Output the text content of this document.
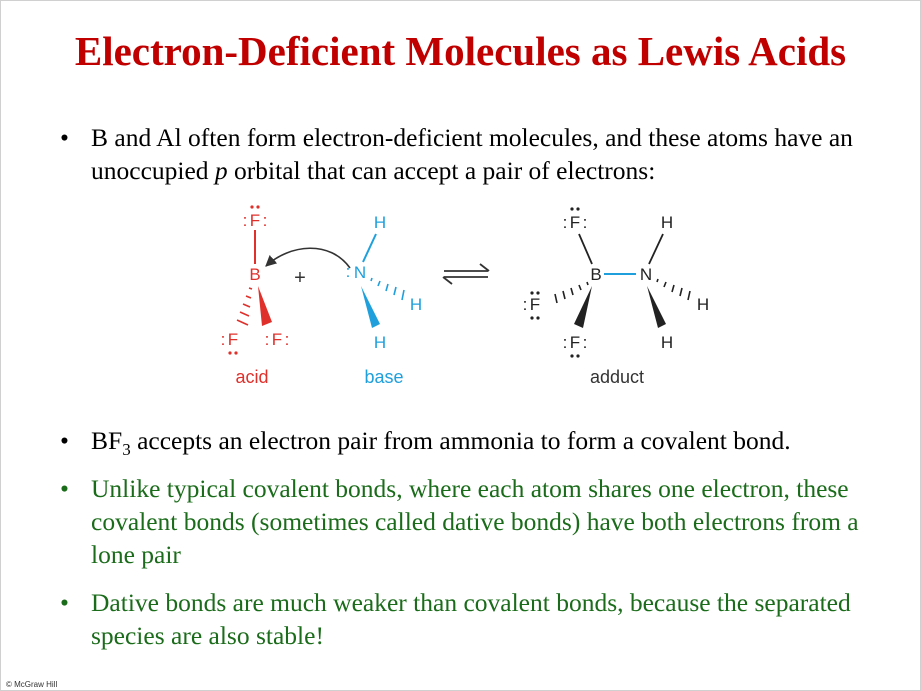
Electron-Deficient Molecules as Lewis Acids
• B and Al often form electron-deficient molecules, and these atoms have an unoccupied p orbital that can accept a pair of electrons:
F
: :
B
F
:	F
: :
acid
+
H
N
:
H
H
base
F
: :
B N
F
:
F
: :
H
H
H
adduct
• $BF_3$ accepts an electron pair from ammonia to form a covalent bond.
• Unlike typical covalent bonds, where each atom shares one electron, these covalent bonds (sometimes called dative bonds) have both electrons from a lone pair
• Dative bonds are much weaker than covalent bonds, because the separated species are also stable!
© McGraw Hill
